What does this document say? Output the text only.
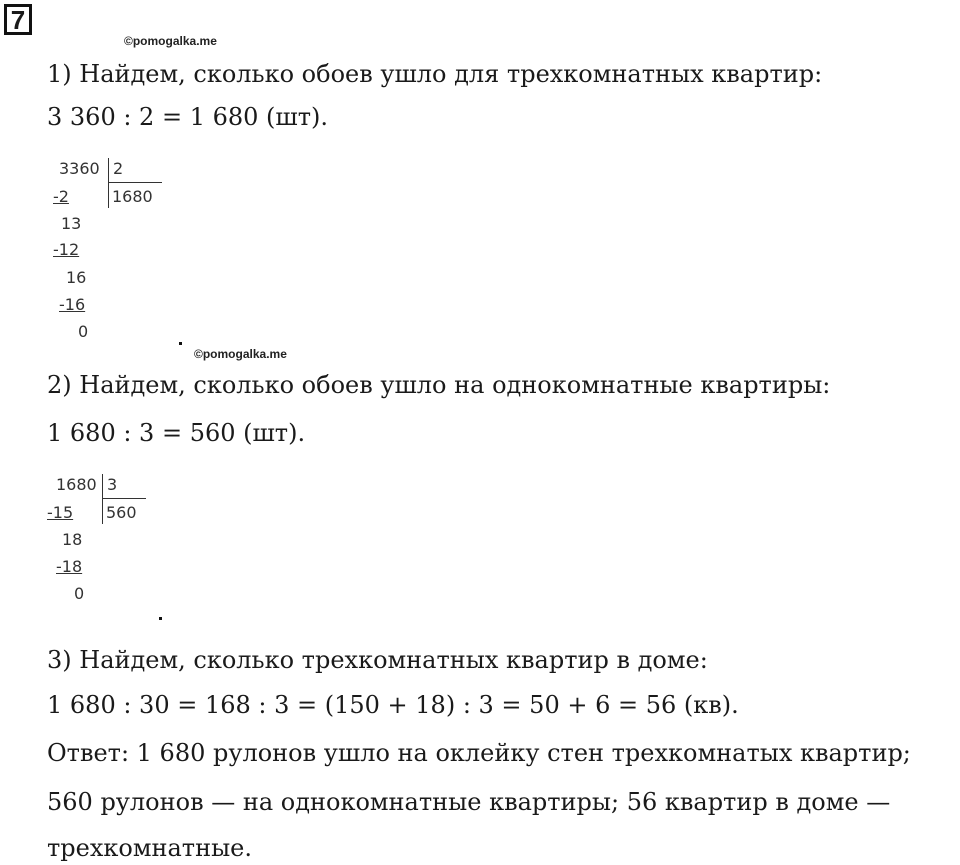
7
©pomogalka.me
1) Найдем, сколько обоев ушло для трехкомнатных квартир:
3 360 : 2 = 1 680 (шт).
3360 2
1680
-2
13
-12
16
-16
0
©pomogalka.me
2) Найдем, сколько обоев ушло на однокомнатные квартиры:
1 680 : 3 = 560 (шт).
1680 3
560
-15
18
-18
0
3) Найдем, сколько трехкомнатных квартир в доме:
1 680 : 30 = 168 : 3 = (150 + 18) : 3 = 50 + 6 = 56 (кв).
Ответ: 1 680 рулонов ушло на оклейку стен трехкомнатых квартир;
560 рулонов — на однокомнатные квартиры; 56 квартир в доме —
трехкомнатные.
